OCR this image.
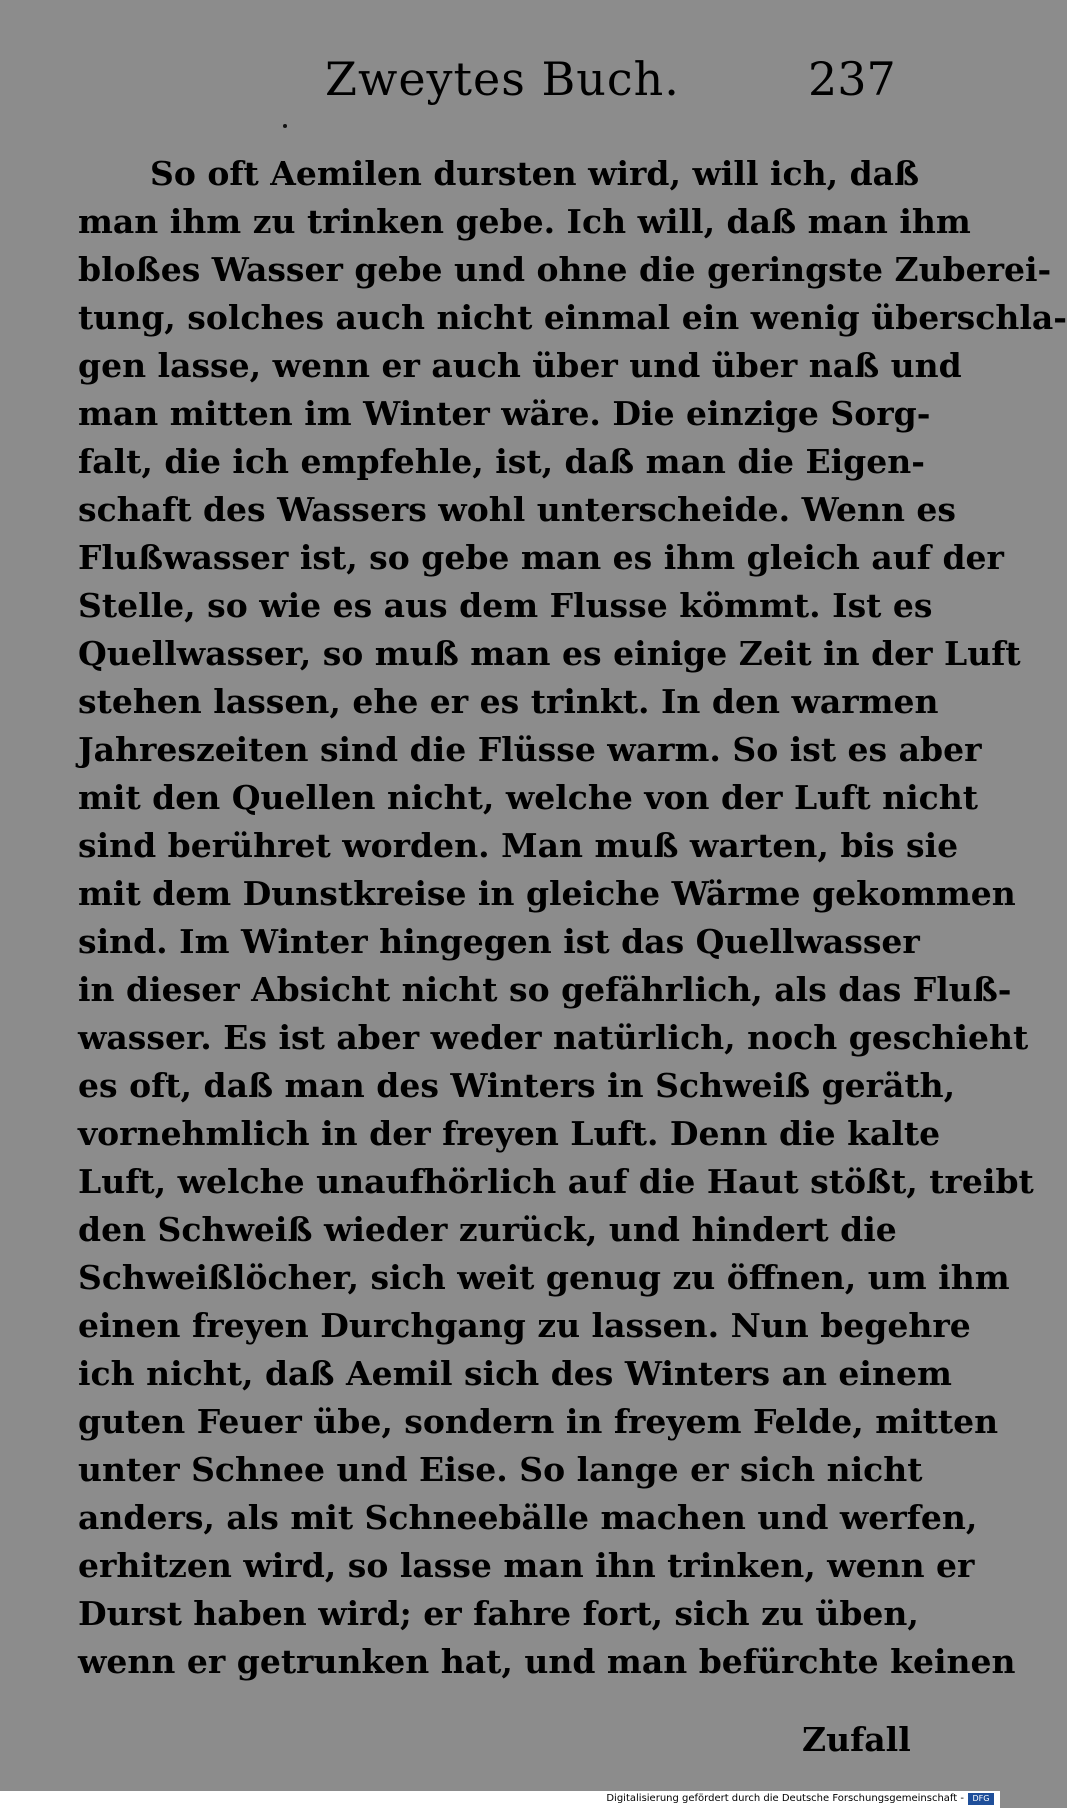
Zweytes Buch.	237
So oft Aemilen dursten wird, will ich, daß
man ihm zu trinken gebe. Ich will, daß man ihm
bloßes Wasser gebe und ohne die geringste Zuberei-
tung, solches auch nicht einmal ein wenig überschla-
gen lasse, wenn er auch über und über naß und
man mitten im Winter wäre. Die einzige Sorg-
falt, die ich empfehle, ist, daß man die Eigen-
schaft des Wassers wohl unterscheide. Wenn es
Flußwasser ist, so gebe man es ihm gleich auf der
Stelle, so wie es aus dem Flusse kömmt. Ist es
Quellwasser, so muß man es einige Zeit in der Luft
stehen lassen, ehe er es trinkt. In den warmen
Jahreszeiten sind die Flüsse warm. So ist es aber
mit den Quellen nicht, welche von der Luft nicht
sind berühret worden. Man muß warten, bis sie
mit dem Dunstkreise in gleiche Wärme gekommen
sind. Im Winter hingegen ist das Quellwasser
in dieser Absicht nicht so gefährlich, als das Fluß-
wasser. Es ist aber weder natürlich, noch geschieht
es oft, daß man des Winters in Schweiß geräth,
vornehmlich in der freyen Luft. Denn die kalte
Luft, welche unaufhörlich auf die Haut stößt, treibt
den Schweiß wieder zurück, und hindert die
Schweißlöcher, sich weit genug zu öffnen, um ihm
einen freyen Durchgang zu lassen. Nun begehre
ich nicht, daß Aemil sich des Winters an einem
guten Feuer übe, sondern in freyem Felde, mitten
unter Schnee und Eise. So lange er sich nicht
anders, als mit Schneebälle machen und werfen,
erhitzen wird, so lasse man ihn trinken, wenn er
Durst haben wird; er fahre fort, sich zu üben,
wenn er getrunken hat, und man befürchte keinen
Zufall
Digitalisierung gefördert durch die Deutsche Forschungsgemeinschaft -	DFG
